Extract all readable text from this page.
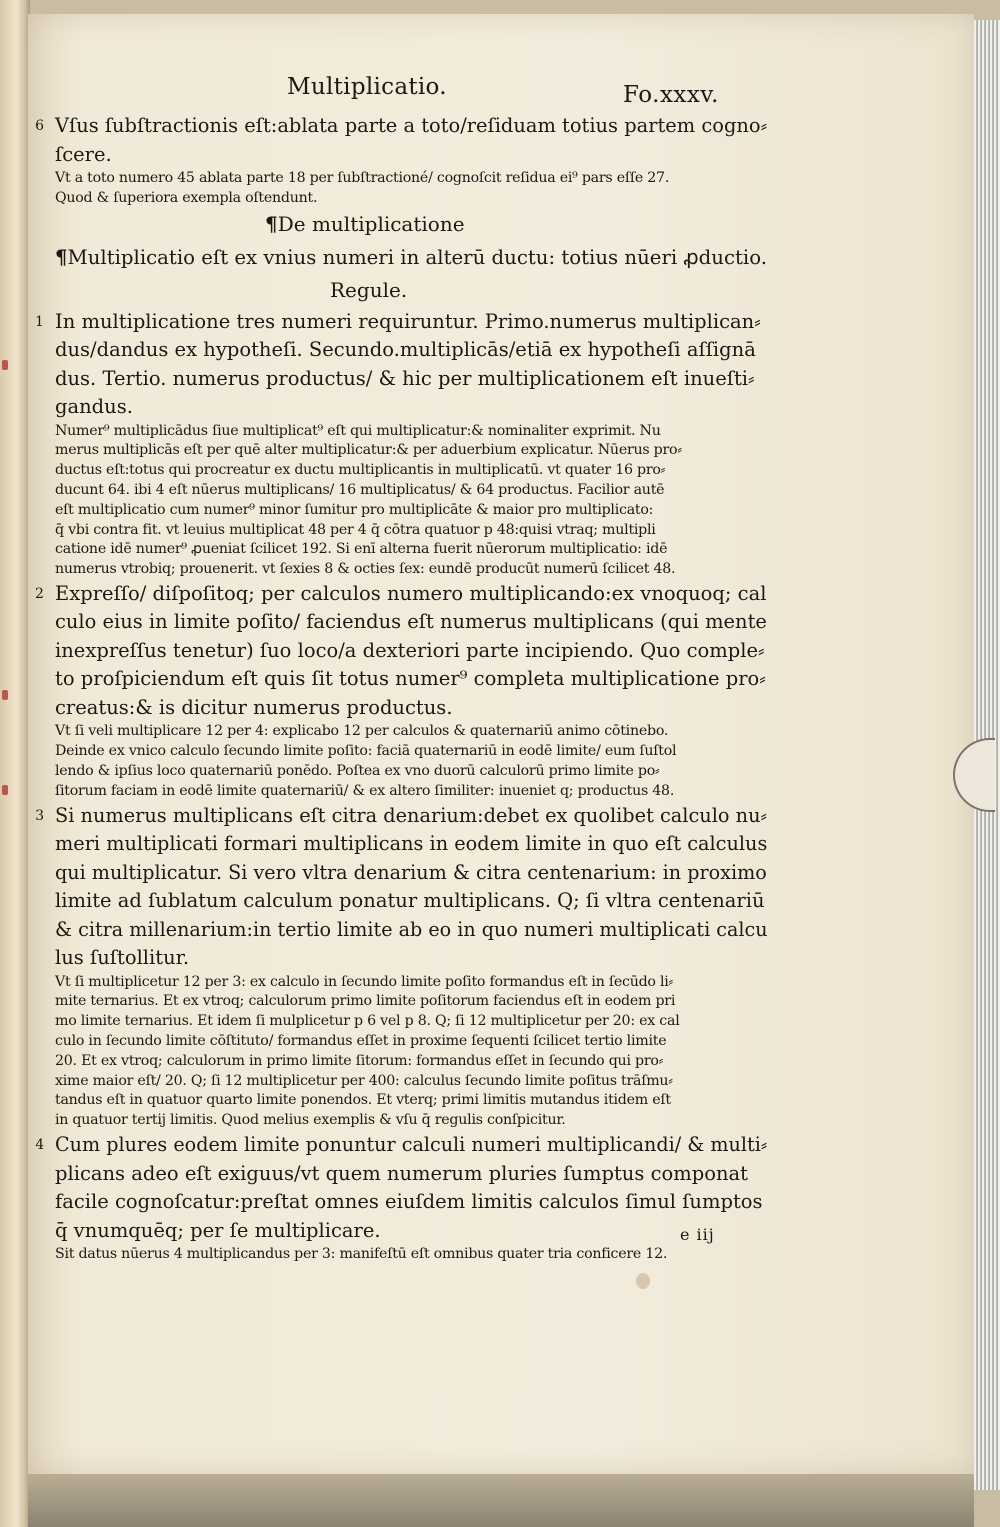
Multiplicatio.	Fo.xxxv.
6 Vſus ſubſtractionis eſt:ablata parte a toto/reſiduam totius partem cogno⸗
ſcere.
Vt a toto numero 45 ablata parte 18 per ſubſtractioné/ cognoſcit reſidua ei⁹ pars eſſe 27.
Quod & ſuperiora exempla oſtendunt.
¶De multiplicatione
¶Multiplicatio eſt ex vnius numeri in alterū ductu: totius nūeri ꝓductio.
Regule.
1 In multiplicatione tres numeri requiruntur. Primo.numerus multiplican⸗
dus/dandus ex hypotheſi. Secundo.multiplicās/etiā ex hypotheſi aſſignā
dus. Tertio. numerus productus/ & hic per multiplicationem eſt inueſti⸗
gandus.
Numer⁹ multiplicādus ſiue multiplicat⁹ eſt qui multiplicatur:& nominaliter exprimit. Nu
merus multiplicās eſt per quē alter multiplicatur:& per aduerbium explicatur. Nūerus pro⸗
ductus eſt:totus qui procreatur ex ductu multiplicantis in multiplicatū. vt quater 16 pro⸗
ducunt 64. ibi 4 eſt nūerus multiplicans/ 16 multiplicatus/ & 64 productus. Facilior autē
eſt multiplicatio cum numer⁹ minor ſumitur pro multiplicāte & maior pro multiplicato:
q̄ vbi contra fit. vt leuius multiplicat 48 per 4 q̄ cōtra quatuor p 48:quisi vtraq; multipli
catione idē numer⁹ ꝓueniat ſcilicet 192. Si enī alterna fuerit nūerorum multiplicatio: idē
numerus vtrobiq; prouenerit. vt ſexies 8 & octies ſex: eundē producūt numerū ſcilicet 48.
2 Expreſſo/ diſpoſitoq; per calculos numero multiplicando:ex vnoquoq; cal
culo eius in limite poſito/ faciendus eſt numerus multiplicans (qui mente
inexpreſſus tenetur) ſuo loco/a dexteriori parte incipiendo. Quo comple⸗
to proſpiciendum eſt quis ſit totus numer⁹ completa multiplicatione pro⸗
creatus:& is dicitur numerus productus.
Vt ſi veli multiplicare 12 per 4: explicabo 12 per calculos & quaternariū animo cōtinebo.
Deinde ex vnico calculo ſecundo limite poſito: faciā quaternariū in eodē limite/ eum ſuſtol
lendo & ipſius loco quaternariū ponēdo. Poſtea ex vno duorū calculorū primo limite po⸗
ſitorum faciam in eodē limite quaternariū/ & ex altero ſimiliter: inueniet q; productus 48.
3 Si numerus multiplicans eſt citra denarium:debet ex quolibet calculo nu⸗
meri multiplicati formari multiplicans in eodem limite in quo eſt calculus
qui multiplicatur. Si vero vltra denarium & citra centenarium: in proximo
limite ad ſublatum calculum ponatur multiplicans. Q; ſi vltra centenariū
& citra millenarium:in tertio limite ab eo in quo numeri multiplicati calcu
lus ſuſtollitur.
Vt ſi multiplicetur 12 per 3: ex calculo in ſecundo limite poſito formandus eſt in ſecūdo li⸗
mite ternarius. Et ex vtroq; calculorum primo limite poſitorum faciendus eſt in eodem pri
mo limite ternarius. Et idem ſi mulplicetur p 6 vel p 8. Q; ſi 12 multiplicetur per 20: ex cal
culo in ſecundo limite cōſtituto/ formandus eſſet in proxime ſequenti ſcilicet tertio limite
20. Et ex vtroq; calculorum in primo limite ſitorum: formandus eſſet in ſecundo qui pro⸗
xime maior eſt/ 20. Q; ſi 12 multiplicetur per 400: calculus ſecundo limite poſitus trāſmu⸗
tandus eſt in quatuor quarto limite ponendos. Et vterq; primi limitis mutandus itidem eſt
in quatuor tertij limitis. Quod melius exemplis & vſu q̄ regulis conſpicitur.
4 Cum plures eodem limite ponuntur calculi numeri multiplicandi/ & multi⸗
plicans adeo eſt exiguus/vt quem numerum pluries ſumptus componat
facile cognoſcatur:preſtat omnes eiuſdem limitis calculos ſimul ſumptos
q̄ vnumquēq; per ſe multiplicare.
Sit datus nūerus 4 multiplicandus per 3: manifeſtū eſt omnibus quater tria conficere 12.
e iij
